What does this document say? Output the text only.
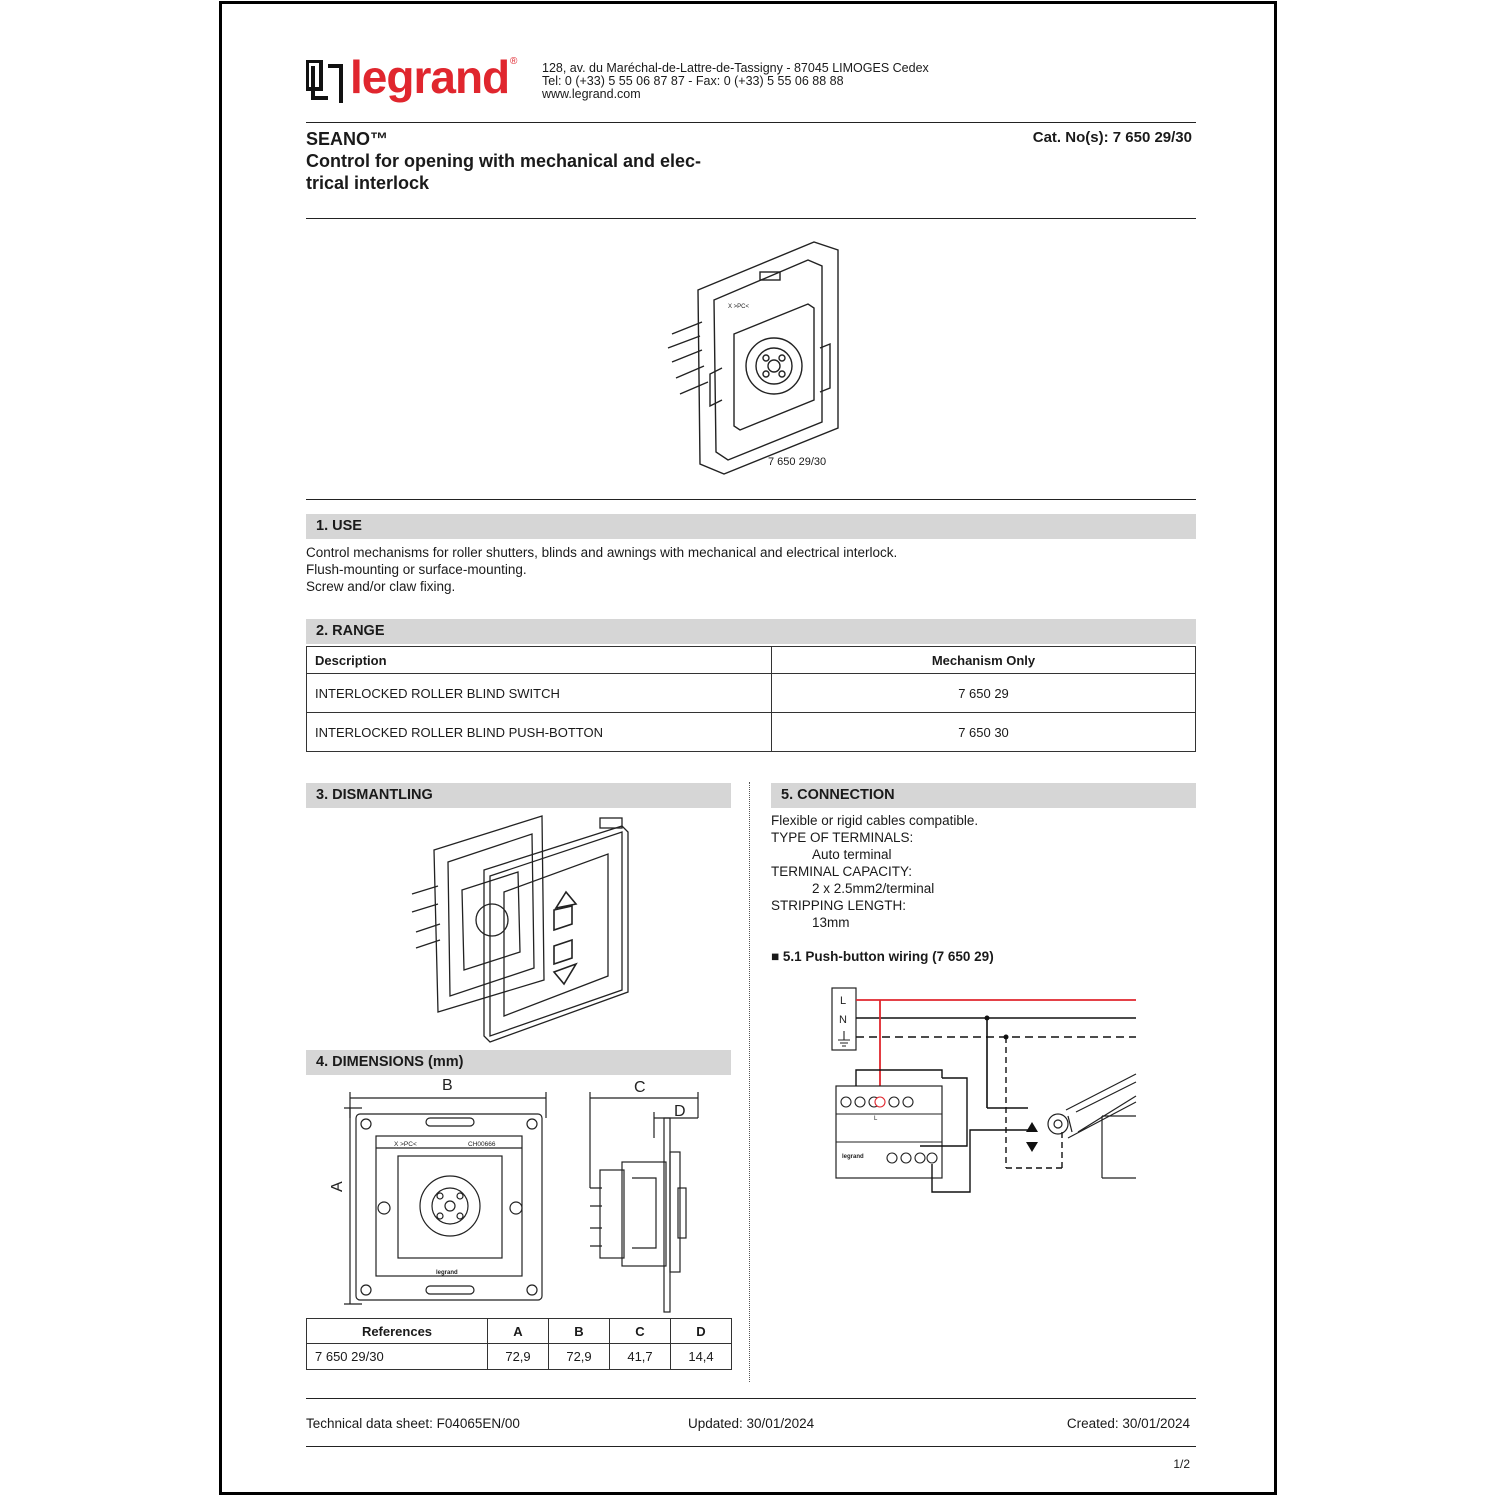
legrand ® 128, av. du Maréchal-de-Lattre-de-Tassigny - 87045 LIMOGES Cedex
Tel: 0 (+33) 5 55 06 87 87 - Fax: 0 (+33) 5 55 06 88 88
www.legrand.com
SEANO™
Control for opening with mechanical and elec-
trical interlock
Cat. No(s): 7 650 29/30
X >PC<
7 650 29/30
1. USE
Control mechanisms for roller shutters, blinds and awnings with mechanical and electrical interlock.
Flush-mounting or surface-mounting.
Screw and/or claw fixing.
2. RANGE
Description	Mechanism Only
INTERLOCKED ROLLER BLIND SWITCH	7 650 29
INTERLOCKED ROLLER BLIND PUSH-BOTTON	7 650 30
3. DISMANTLING
4. DIMENSIONS (mm)
A
B
X >PC<	CH00666
legrand
C
D
References	A	B	C	D
7 650 29/30	72,9	72,9	41,7	14,4
5. CONNECTION
Flexible or rigid cables compatible.
TYPE OF TERMINALS:
Auto terminal
TERMINAL CAPACITY:
2 x 2.5mm2/terminal
STRIPPING LENGTH:
13mm
■ 5.1 Push-button wiring (7 650 29)
L
N
legrand
L
Technical data sheet: F04065EN/00	Updated: 30/01/2024	Created: 30/01/2024
1/2
